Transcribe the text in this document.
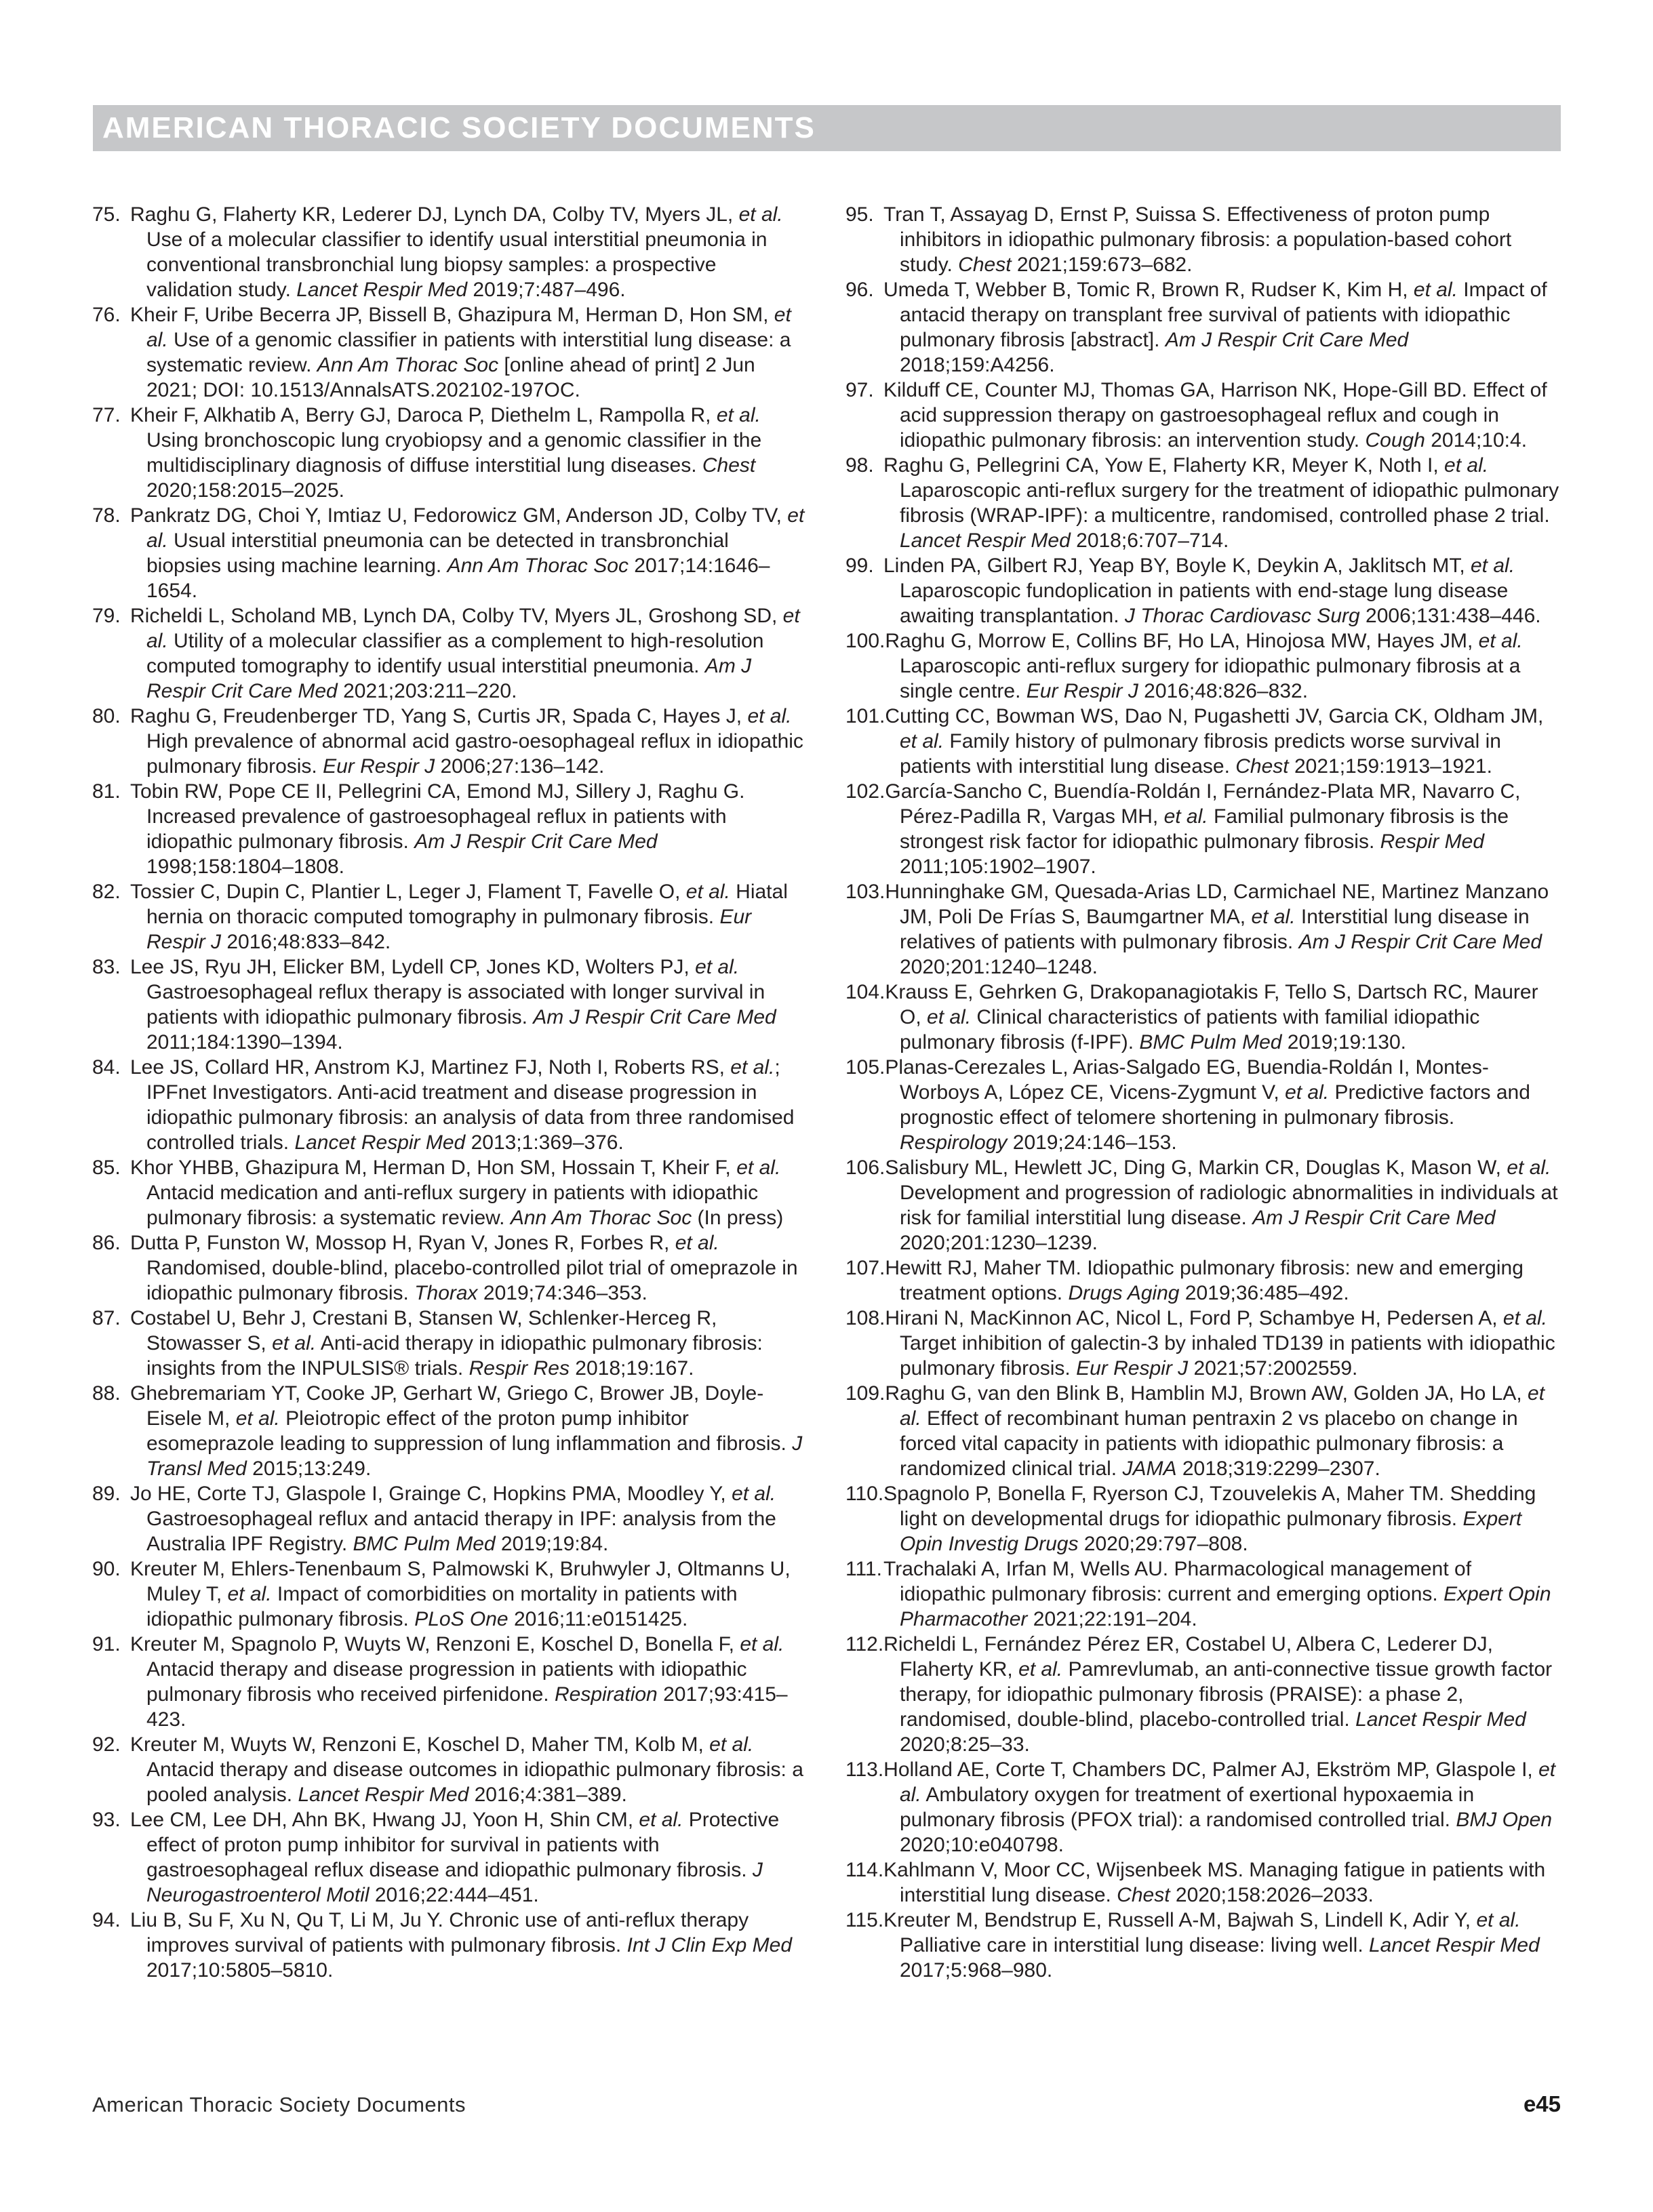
AMERICAN THORACIC SOCIETY DOCUMENTS
75. Raghu G, Flaherty KR, Lederer DJ, Lynch DA, Colby TV, Myers JL, et al. Use of a molecular classifier to identify usual interstitial pneumonia in conventional transbronchial lung biopsy samples: a prospective validation study. Lancet Respir Med 2019;7:487–496.
76. Kheir F, Uribe Becerra JP, Bissell B, Ghazipura M, Herman D, Hon SM, et al. Use of a genomic classifier in patients with interstitial lung disease: a systematic review. Ann Am Thorac Soc [online ahead of print] 2 Jun 2021; DOI: 10.1513/AnnalsATS.202102-197OC.
77. Kheir F, Alkhatib A, Berry GJ, Daroca P, Diethelm L, Rampolla R, et al. Using bronchoscopic lung cryobiopsy and a genomic classifier in the multidisciplinary diagnosis of diffuse interstitial lung diseases. Chest 2020;158:2015–2025.
78. Pankratz DG, Choi Y, Imtiaz U, Fedorowicz GM, Anderson JD, Colby TV, et al. Usual interstitial pneumonia can be detected in transbronchial biopsies using machine learning. Ann Am Thorac Soc 2017;14:1646–1654.
79. Richeldi L, Scholand MB, Lynch DA, Colby TV, Myers JL, Groshong SD, et al. Utility of a molecular classifier as a complement to high-resolution computed tomography to identify usual interstitial pneumonia. Am J Respir Crit Care Med 2021;203:211–220.
80. Raghu G, Freudenberger TD, Yang S, Curtis JR, Spada C, Hayes J, et al. High prevalence of abnormal acid gastro-oesophageal reflux in idiopathic pulmonary fibrosis. Eur Respir J 2006;27:136–142.
81. Tobin RW, Pope CE II, Pellegrini CA, Emond MJ, Sillery J, Raghu G. Increased prevalence of gastroesophageal reflux in patients with idiopathic pulmonary fibrosis. Am J Respir Crit Care Med 1998;158:1804–1808.
82. Tossier C, Dupin C, Plantier L, Leger J, Flament T, Favelle O, et al. Hiatal hernia on thoracic computed tomography in pulmonary fibrosis. Eur Respir J 2016;48:833–842.
83. Lee JS, Ryu JH, Elicker BM, Lydell CP, Jones KD, Wolters PJ, et al. Gastroesophageal reflux therapy is associated with longer survival in patients with idiopathic pulmonary fibrosis. Am J Respir Crit Care Med 2011;184:1390–1394.
84. Lee JS, Collard HR, Anstrom KJ, Martinez FJ, Noth I, Roberts RS, et al.; IPFnet Investigators. Anti-acid treatment and disease progression in idiopathic pulmonary fibrosis: an analysis of data from three randomised controlled trials. Lancet Respir Med 2013;1:369–376.
85. Khor YHBB, Ghazipura M, Herman D, Hon SM, Hossain T, Kheir F, et al. Antacid medication and anti-reflux surgery in patients with idiopathic pulmonary fibrosis: a systematic review. Ann Am Thorac Soc (In press)
86. Dutta P, Funston W, Mossop H, Ryan V, Jones R, Forbes R, et al. Randomised, double-blind, placebo-controlled pilot trial of omeprazole in idiopathic pulmonary fibrosis. Thorax 2019;74:346–353.
87. Costabel U, Behr J, Crestani B, Stansen W, Schlenker-Herceg R, Stowasser S, et al. Anti-acid therapy in idiopathic pulmonary fibrosis: insights from the INPULSIS® trials. Respir Res 2018;19:167.
88. Ghebremariam YT, Cooke JP, Gerhart W, Griego C, Brower JB, Doyle-Eisele M, et al. Pleiotropic effect of the proton pump inhibitor esomeprazole leading to suppression of lung inflammation and fibrosis. J Transl Med 2015;13:249.
89. Jo HE, Corte TJ, Glaspole I, Grainge C, Hopkins PMA, Moodley Y, et al. Gastroesophageal reflux and antacid therapy in IPF: analysis from the Australia IPF Registry. BMC Pulm Med 2019;19:84.
90. Kreuter M, Ehlers-Tenenbaum S, Palmowski K, Bruhwyler J, Oltmanns U, Muley T, et al. Impact of comorbidities on mortality in patients with idiopathic pulmonary fibrosis. PLoS One 2016;11:e0151425.
91. Kreuter M, Spagnolo P, Wuyts W, Renzoni E, Koschel D, Bonella F, et al. Antacid therapy and disease progression in patients with idiopathic pulmonary fibrosis who received pirfenidone. Respiration 2017;93:415–423.
92. Kreuter M, Wuyts W, Renzoni E, Koschel D, Maher TM, Kolb M, et al. Antacid therapy and disease outcomes in idiopathic pulmonary fibrosis: a pooled analysis. Lancet Respir Med 2016;4:381–389.
93. Lee CM, Lee DH, Ahn BK, Hwang JJ, Yoon H, Shin CM, et al. Protective effect of proton pump inhibitor for survival in patients with gastroesophageal reflux disease and idiopathic pulmonary fibrosis. J Neurogastroenterol Motil 2016;22:444–451.
94. Liu B, Su F, Xu N, Qu T, Li M, Ju Y. Chronic use of anti-reflux therapy improves survival of patients with pulmonary fibrosis. Int J Clin Exp Med 2017;10:5805–5810.
95. Tran T, Assayag D, Ernst P, Suissa S. Effectiveness of proton pump inhibitors in idiopathic pulmonary fibrosis: a population-based cohort study. Chest 2021;159:673–682.
96. Umeda T, Webber B, Tomic R, Brown R, Rudser K, Kim H, et al. Impact of antacid therapy on transplant free survival of patients with idiopathic pulmonary fibrosis [abstract]. Am J Respir Crit Care Med 2018;159:A4256.
97. Kilduff CE, Counter MJ, Thomas GA, Harrison NK, Hope-Gill BD. Effect of acid suppression therapy on gastroesophageal reflux and cough in idiopathic pulmonary fibrosis: an intervention study. Cough 2014;10:4.
98. Raghu G, Pellegrini CA, Yow E, Flaherty KR, Meyer K, Noth I, et al. Laparoscopic anti-reflux surgery for the treatment of idiopathic pulmonary fibrosis (WRAP-IPF): a multicentre, randomised, controlled phase 2 trial. Lancet Respir Med 2018;6:707–714.
99. Linden PA, Gilbert RJ, Yeap BY, Boyle K, Deykin A, Jaklitsch MT, et al. Laparoscopic fundoplication in patients with end-stage lung disease awaiting transplantation. J Thorac Cardiovasc Surg 2006;131:438–446.
100.Raghu G, Morrow E, Collins BF, Ho LA, Hinojosa MW, Hayes JM, et al. Laparoscopic anti-reflux surgery for idiopathic pulmonary fibrosis at a single centre. Eur Respir J 2016;48:826–832.
101.Cutting CC, Bowman WS, Dao N, Pugashetti JV, Garcia CK, Oldham JM, et al. Family history of pulmonary fibrosis predicts worse survival in patients with interstitial lung disease. Chest 2021;159:1913–1921.
102.García-Sancho C, Buendía-Roldán I, Fernández-Plata MR, Navarro C, Pérez-Padilla R, Vargas MH, et al. Familial pulmonary fibrosis is the strongest risk factor for idiopathic pulmonary fibrosis. Respir Med 2011;105:1902–1907.
103.Hunninghake GM, Quesada-Arias LD, Carmichael NE, Martinez Manzano JM, Poli De Frías S, Baumgartner MA, et al. Interstitial lung disease in relatives of patients with pulmonary fibrosis. Am J Respir Crit Care Med 2020;201:1240–1248.
104.Krauss E, Gehrken G, Drakopanagiotakis F, Tello S, Dartsch RC, Maurer O, et al. Clinical characteristics of patients with familial idiopathic pulmonary fibrosis (f-IPF). BMC Pulm Med 2019;19:130.
105.Planas-Cerezales L, Arias-Salgado EG, Buendia-Roldán I, Montes-Worboys A, López CE, Vicens-Zygmunt V, et al. Predictive factors and prognostic effect of telomere shortening in pulmonary fibrosis. Respirology 2019;24:146–153.
106.Salisbury ML, Hewlett JC, Ding G, Markin CR, Douglas K, Mason W, et al. Development and progression of radiologic abnormalities in individuals at risk for familial interstitial lung disease. Am J Respir Crit Care Med 2020;201:1230–1239.
107.Hewitt RJ, Maher TM. Idiopathic pulmonary fibrosis: new and emerging treatment options. Drugs Aging 2019;36:485–492.
108.Hirani N, MacKinnon AC, Nicol L, Ford P, Schambye H, Pedersen A, et al. Target inhibition of galectin-3 by inhaled TD139 in patients with idiopathic pulmonary fibrosis. Eur Respir J 2021;57:2002559.
109.Raghu G, van den Blink B, Hamblin MJ, Brown AW, Golden JA, Ho LA, et al. Effect of recombinant human pentraxin 2 vs placebo on change in forced vital capacity in patients with idiopathic pulmonary fibrosis: a randomized clinical trial. JAMA 2018;319:2299–2307.
110.Spagnolo P, Bonella F, Ryerson CJ, Tzouvelekis A, Maher TM. Shedding light on developmental drugs for idiopathic pulmonary fibrosis. Expert Opin Investig Drugs 2020;29:797–808.
111.Trachalaki A, Irfan M, Wells AU. Pharmacological management of idiopathic pulmonary fibrosis: current and emerging options. Expert Opin Pharmacother 2021;22:191–204.
112.Richeldi L, Fernández Pérez ER, Costabel U, Albera C, Lederer DJ, Flaherty KR, et al. Pamrevlumab, an anti-connective tissue growth factor therapy, for idiopathic pulmonary fibrosis (PRAISE): a phase 2, randomised, double-blind, placebo-controlled trial. Lancet Respir Med 2020;8:25–33.
113.Holland AE, Corte T, Chambers DC, Palmer AJ, Ekström MP, Glaspole I, et al. Ambulatory oxygen for treatment of exertional hypoxaemia in pulmonary fibrosis (PFOX trial): a randomised controlled trial. BMJ Open 2020;10:e040798.
114.Kahlmann V, Moor CC, Wijsenbeek MS. Managing fatigue in patients with interstitial lung disease. Chest 2020;158:2026–2033.
115.Kreuter M, Bendstrup E, Russell A-M, Bajwah S, Lindell K, Adir Y, et al. Palliative care in interstitial lung disease: living well. Lancet Respir Med 2017;5:968–980.
American Thoracic Society Documents	e45
